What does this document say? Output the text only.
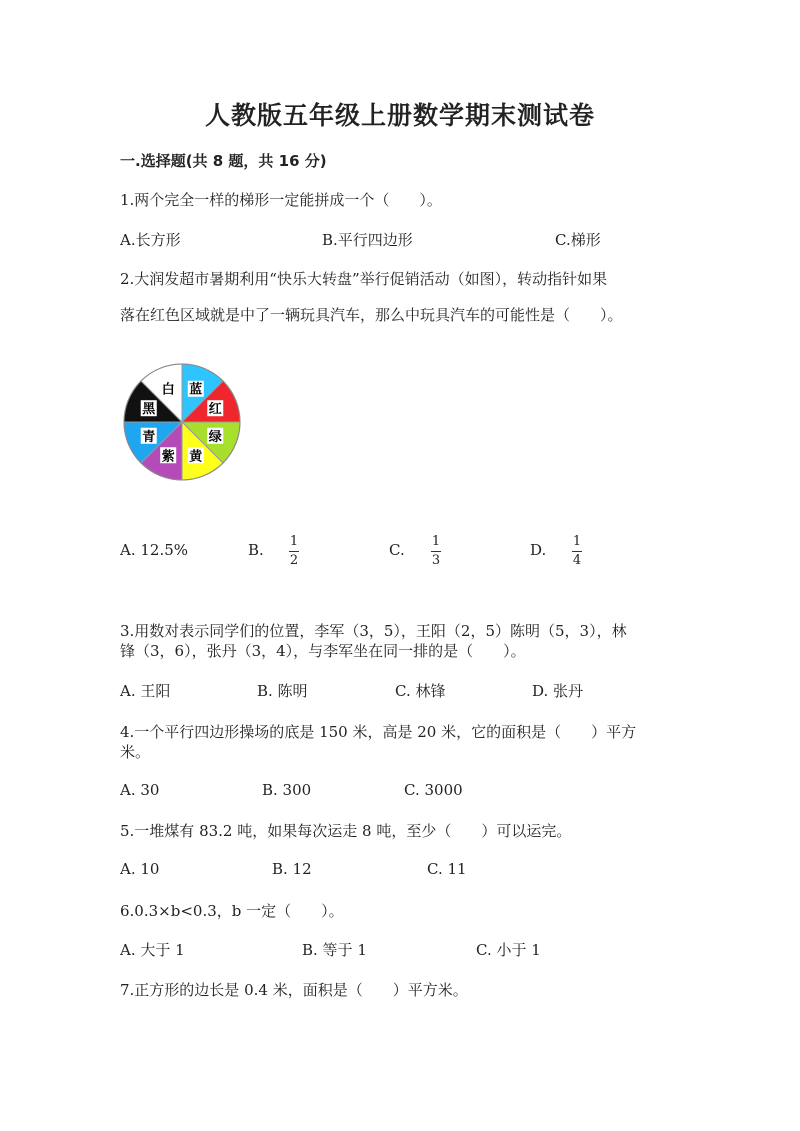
人教版五年级上册数学期末测试卷
一.选择题(共 8 题，共 16 分)
1.两个完全一样的梯形一定能拼成一个（　　）。
A.长方形	B.平行四边形	C.梯形
2.大润发超市暑期利用“快乐大转盘”举行促销活动（如图），转动指针如果
落在红色区域就是中了一辆玩具汽车，那么中玩具汽车的可能性是（　　）。
蓝
红
绿
黄
紫
青
黑
白
A. 12.5%	B. 1
2
C. 1
3
D. 1
4
3.用数对表示同学们的位置，李军（3，5），王阳（2，5）陈明（5，3），林
锋（3，6），张丹（3，4），与李军坐在同一排的是（　　）。
A. 王阳	B. 陈明	C. 林锋	D. 张丹
4.一个平行四边形操场的底是 150 米，高是 20 米，它的面积是（　　）平方
米。
A. 30	B. 300	C. 3000
5.一堆煤有 83.2 吨，如果每次运走 8 吨，至少（　　）可以运完。
A. 10	B. 12	C. 11
6.0.3×b<0.3，b 一定（　　）。
A. 大于 1	B. 等于 1	C. 小于 1
7.正方形的边长是 0.4 米，面积是（　　）平方米。
